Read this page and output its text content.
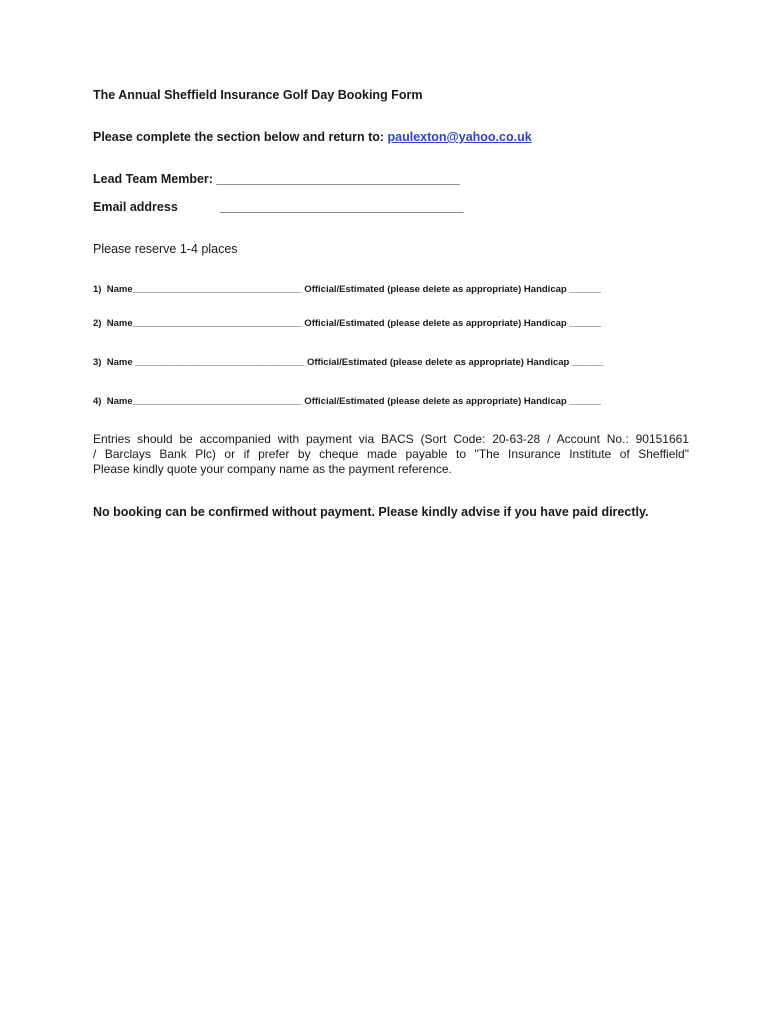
The Annual Sheffield Insurance Golf Day Booking Form
Please complete the section below and return to: paulexton@yahoo.co.uk
Lead Team Member: ___________________________________
Email address	___________________________________
Please reserve 1-4 places
1)  Name________________________________ Official/Estimated (please delete as appropriate) Handicap ______
2)  Name________________________________ Official/Estimated (please delete as appropriate) Handicap ______
3)  Name ________________________________ Official/Estimated (please delete as appropriate) Handicap ______
4)  Name________________________________ Official/Estimated (please delete as appropriate) Handicap ______
Entries should be accompanied with payment via BACS (Sort Code: 20-63-28 / Account No.: 90151661
/ Barclays Bank Plc) or if prefer by cheque made payable to "The Insurance Institute of Sheffield"
Please kindly quote your company name as the payment reference.
No booking can be confirmed without payment. Please kindly advise if you have paid directly.
